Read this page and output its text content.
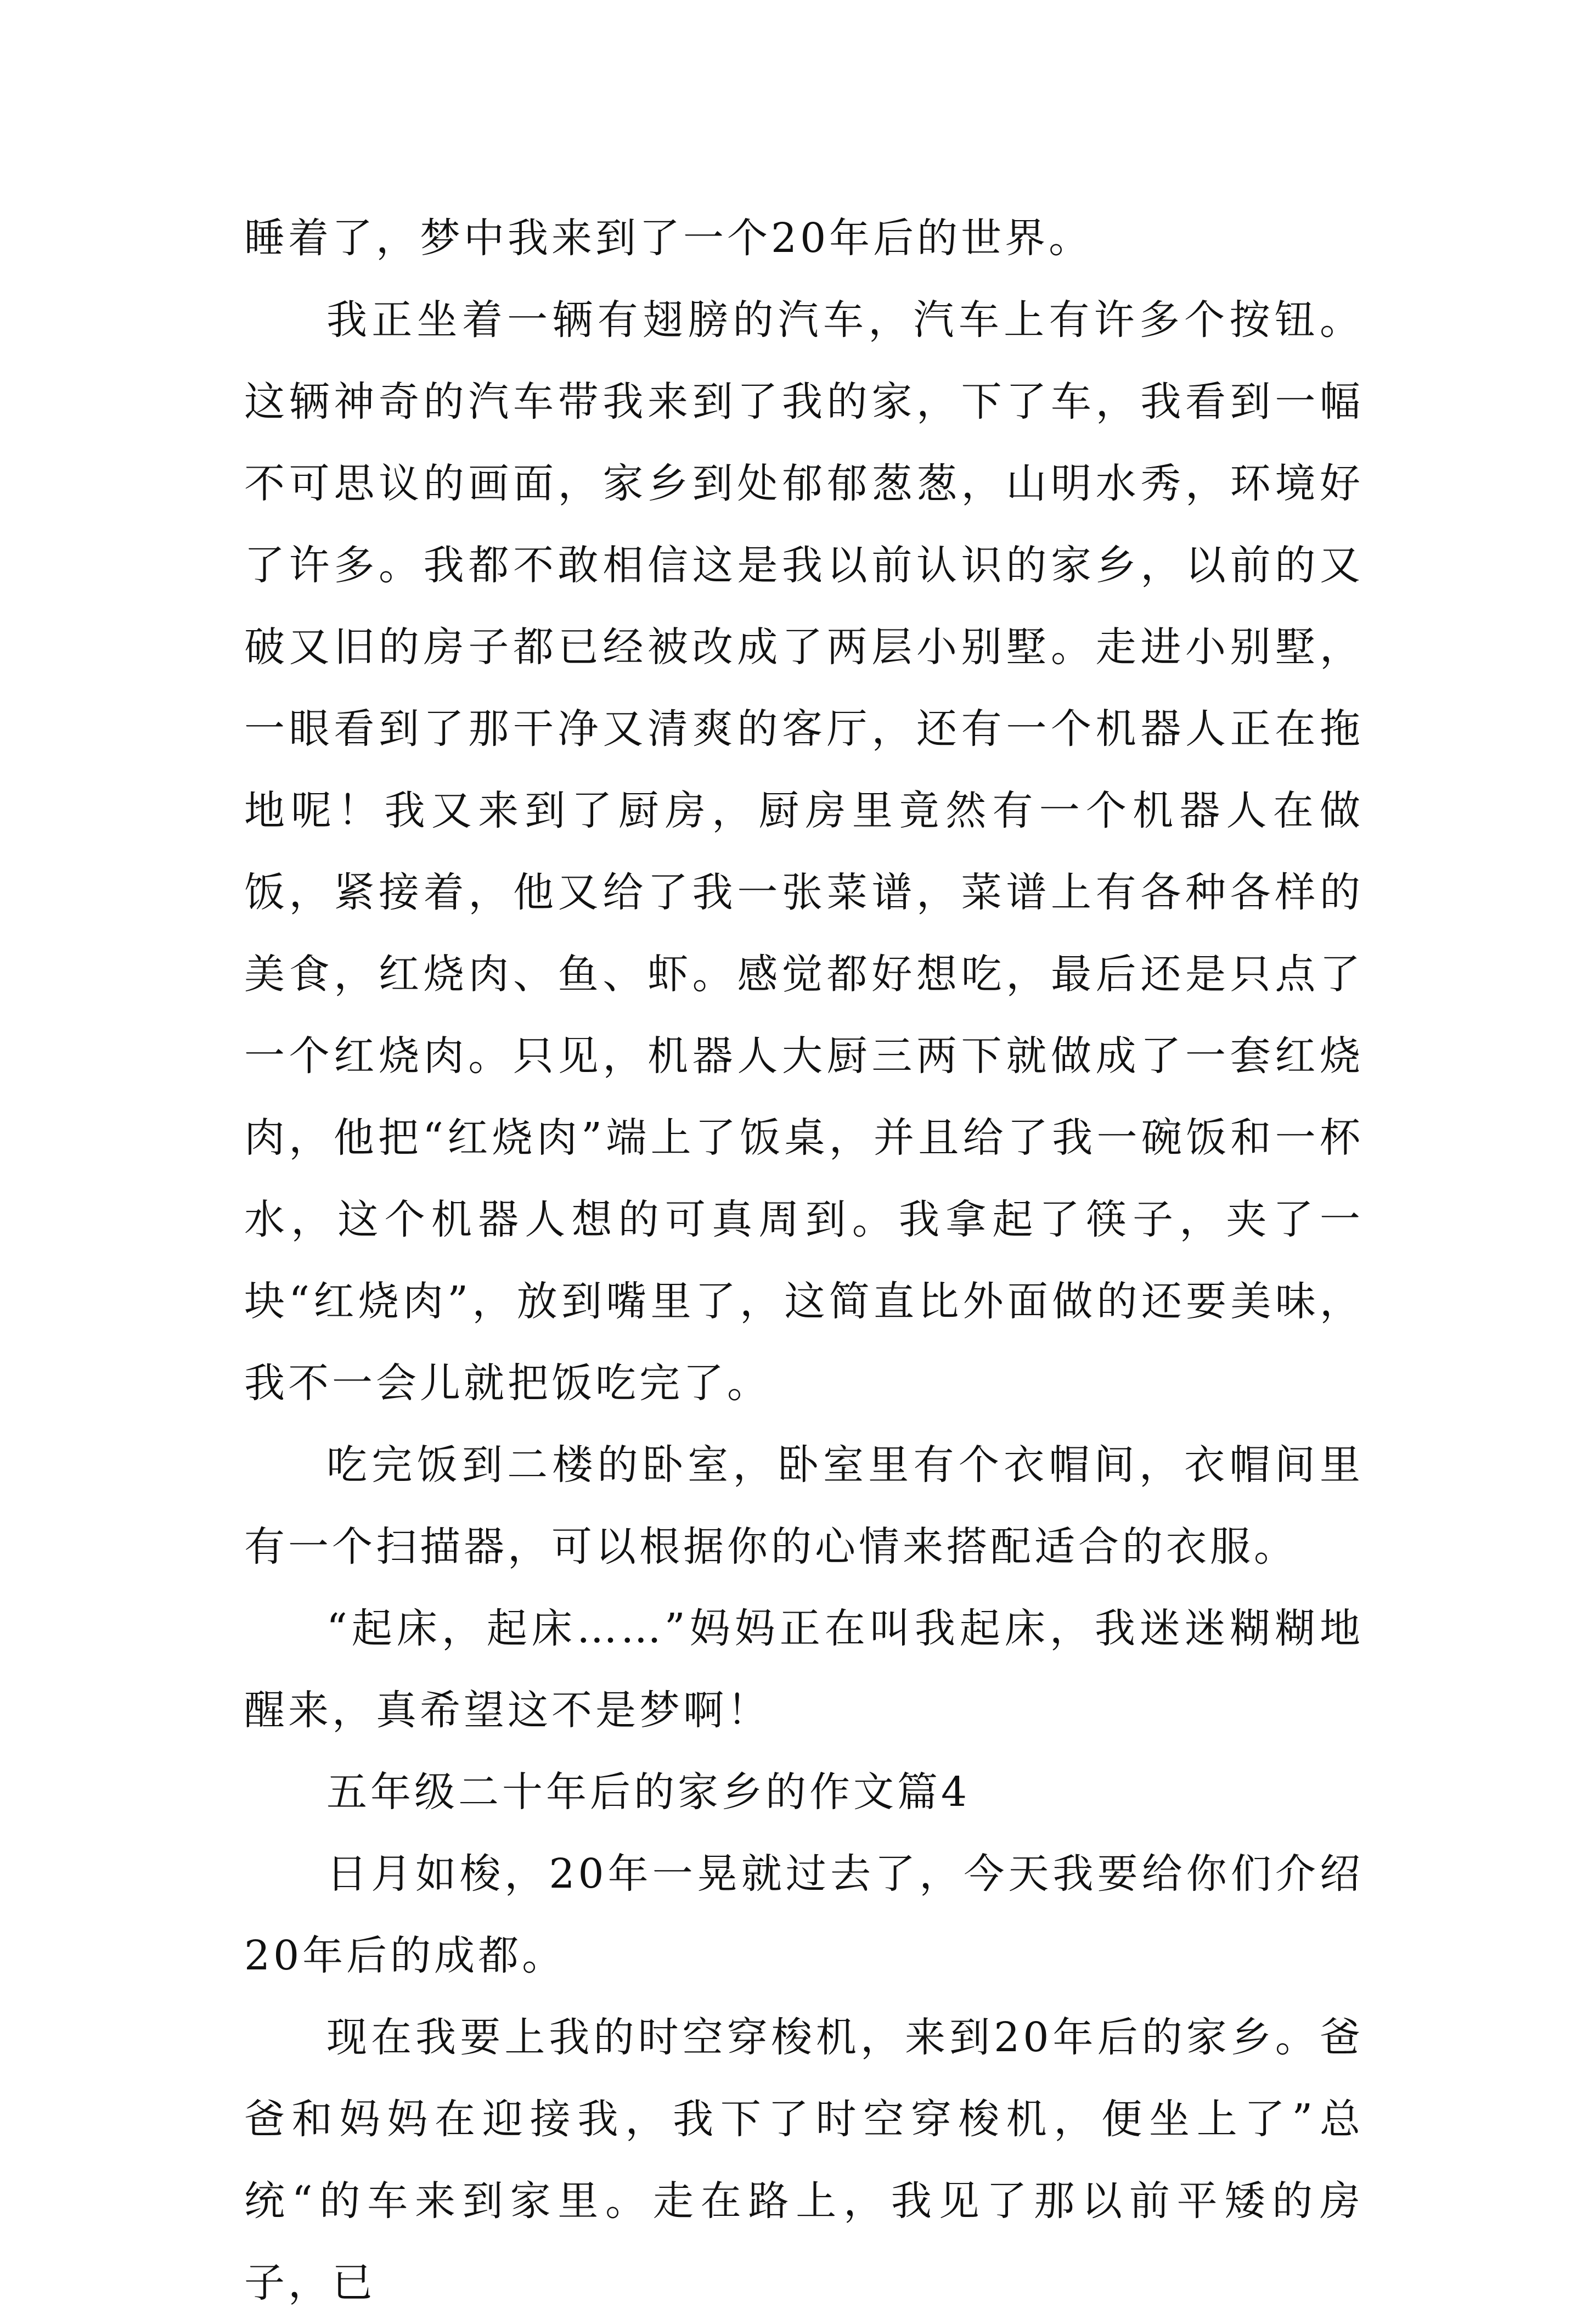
睡着了，梦中我来到了一个20年后的世界。

我正坐着一辆有翅膀的汽车，汽车上有许多个按钮。这辆神奇的汽车带我来到了我的家，下了车，我看到一幅不可思议的画面，家乡到处郁郁葱葱，山明水秀，环境好了许多。我都不敢相信这是我以前认识的家乡，以前的又破又旧的房子都已经被改成了两层小别墅。走进小别墅，一眼看到了那干净又清爽的客厅，还有一个机器人正在拖地呢！我又来到了厨房，厨房里竟然有一个机器人在做饭，紧接着，他又给了我一张菜谱，菜谱上有各种各样的美食，红烧肉、鱼、虾。感觉都好想吃，最后还是只点了一个红烧肉。只见，机器人大厨三两下就做成了一套红烧肉，他把“红烧肉”端上了饭桌，并且给了我一碗饭和一杯水，这个机器人想的可真周到。我拿起了筷子，夹了一块“红烧肉”，放到嘴里了，这简直比外面做的还要美味，我不一会儿就把饭吃完了。

吃完饭到二楼的卧室，卧室里有个衣帽间，衣帽间里有一个扫描器，可以根据你的心情来搭配适合的衣服。

“起床，起床……”妈妈正在叫我起床，我迷迷糊糊地醒来，真希望这不是梦啊！

五年级二十年后的家乡的作文篇4

日月如梭，20年一晃就过去了，今天我要给你们介绍20年后的成都。

现在我要上我的时空穿梭机，来到20年后的家乡。爸爸和妈妈在迎接我，我下了时空穿梭机，便坐上了”总统“的车来到家里。走在路上，我见了那以前平矮的房子，已
